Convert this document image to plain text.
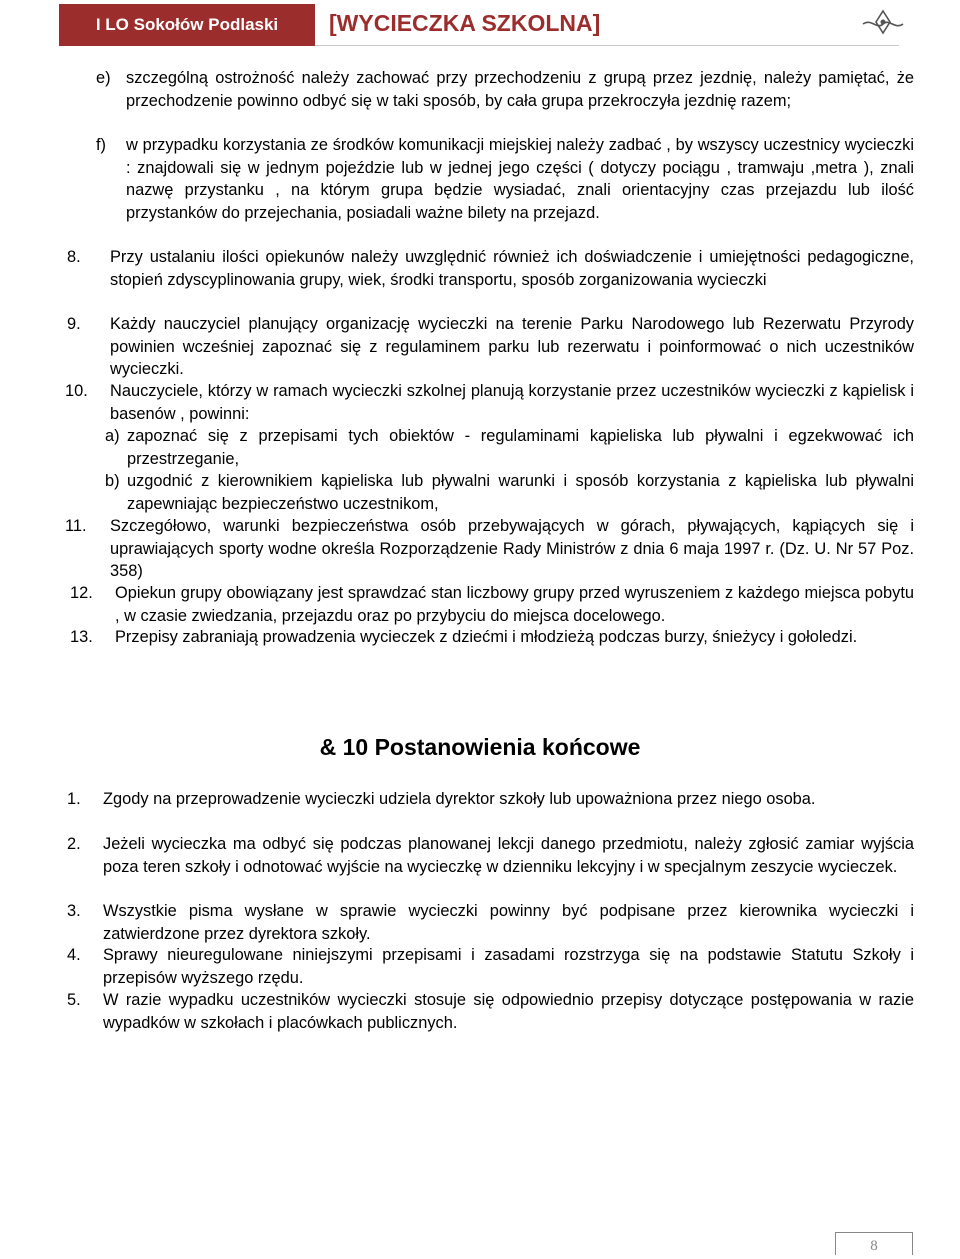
I LO Sokołów Podlaski	[WYCIECZKA SZKOLNA]
e) szczególną ostrożność należy zachować przy przechodzeniu z grupą przez jezdnię, należy pamiętać, że przechodzenie powinno odbyć się w taki sposób, by cała grupa przekroczyła jezdnię razem;
f) w przypadku korzystania ze środków komunikacji miejskiej należy zadbać , by wszyscy uczestnicy wycieczki : znajdowali się w jednym pojeździe lub w jednej jego części ( dotyczy pociągu , tramwaju ,metra ), znali nazwę przystanku , na którym grupa będzie wysiadać, znali orientacyjny czas przejazdu lub ilość przystanków do przejechania, posiadali ważne bilety na przejazd.
8. Przy ustalaniu ilości opiekunów należy uwzględnić również ich doświadczenie i umiejętności pedagogiczne, stopień zdyscyplinowania grupy, wiek, środki transportu, sposób zorganizowania wycieczki
9. Każdy nauczyciel planujący organizację wycieczki na terenie Parku Narodowego lub Rezerwatu Przyrody powinien wcześniej zapoznać się z regulaminem parku lub rezerwatu i poinformować o nich uczestników wycieczki.
10. Nauczyciele, którzy w ramach wycieczki szkolnej planują korzystanie przez uczestników wycieczki z kąpielisk i basenów , powinni:
a) zapoznać się z przepisami tych obiektów - regulaminami kąpieliska lub pływalni i egzekwować ich przestrzeganie,
b) uzgodnić z kierownikiem kąpieliska lub pływalni warunki i sposób korzystania z kąpieliska lub pływalni zapewniając bezpieczeństwo uczestnikom,
11. Szczegółowo, warunki bezpieczeństwa osób przebywających w górach, pływających, kąpiących się i uprawiających sporty wodne określa Rozporządzenie Rady Ministrów z dnia 6 maja 1997 r. (Dz. U. Nr 57 Poz. 358)
12. Opiekun grupy obowiązany jest sprawdzać stan liczbowy grupy przed wyruszeniem z każdego miejsca pobytu , w czasie zwiedzania, przejazdu oraz po przybyciu do miejsca docelowego.
13. Przepisy zabraniają prowadzenia wycieczek z dziećmi i młodzieżą podczas burzy, śnieżycy i gołoledzi.
& 10 Postanowienia końcowe
1. Zgody na przeprowadzenie wycieczki udziela dyrektor szkoły lub upoważniona przez niego osoba.
2. Jeżeli wycieczka ma odbyć się podczas planowanej lekcji danego przedmiotu, należy zgłosić zamiar wyjścia poza teren szkoły i odnotować wyjście na wycieczkę w dzienniku lekcyjny i w specjalnym zeszycie wycieczek.
3. Wszystkie pisma wysłane w sprawie wycieczki powinny być podpisane przez kierownika wycieczki i zatwierdzone przez dyrektora szkoły.
4. Sprawy nieuregulowane niniejszymi przepisami i zasadami rozstrzyga się na podstawie Statutu Szkoły i przepisów wyższego rzędu.
5. W razie wypadku uczestników wycieczki stosuje się odpowiednio przepisy dotyczące postępowania w razie wypadków w szkołach i placówkach publicznych.
8
